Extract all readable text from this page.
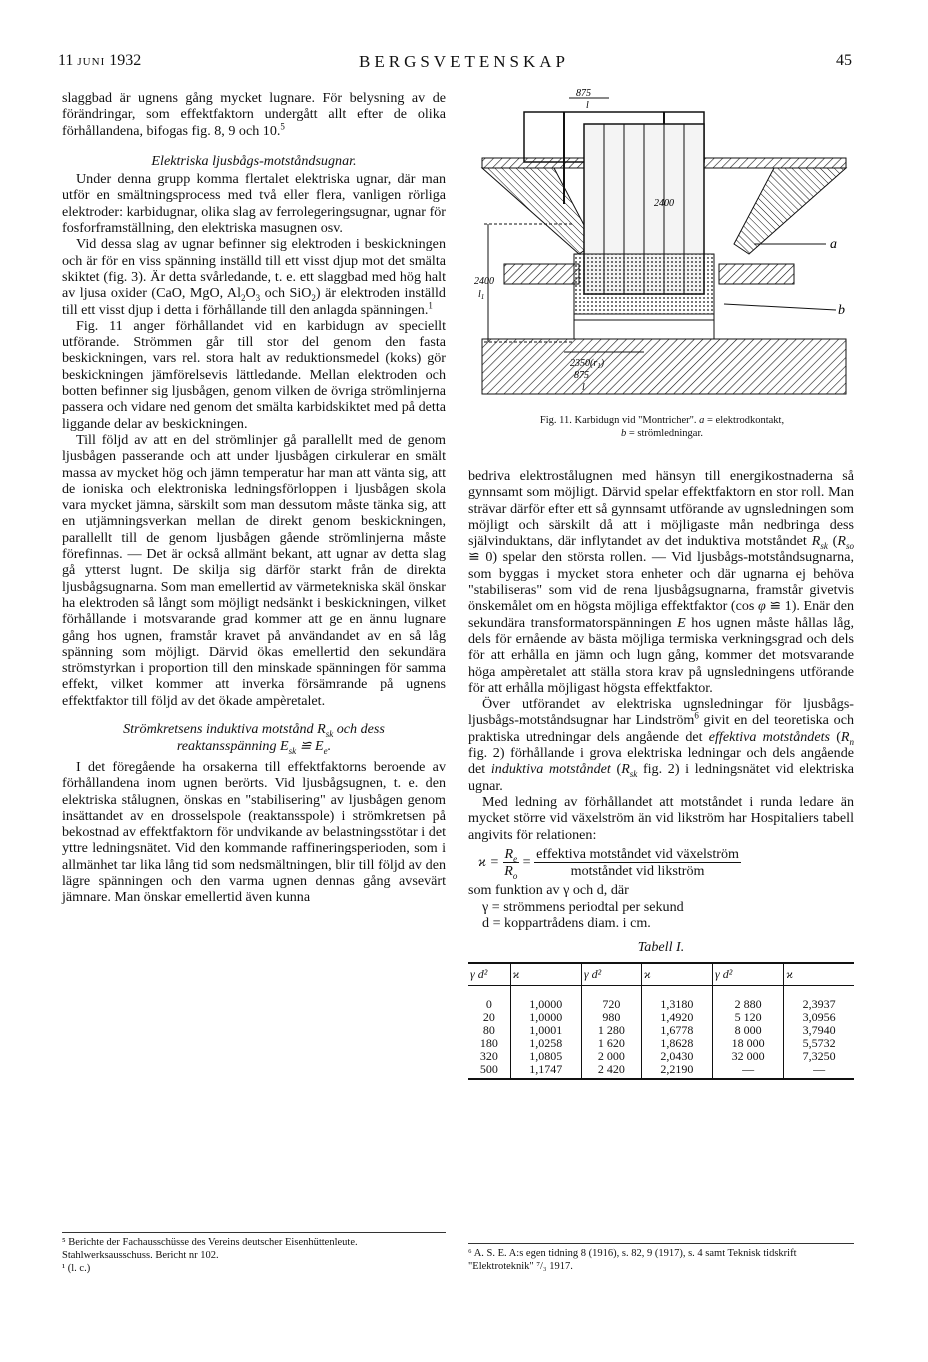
11 JUNI 1932	BERGSVETENSKAP	45

slaggbad är ugnens gång mycket lugnare. För belysning av de förändringar, som effektfaktorn undergått allt efter de olika förhållandena, bifogas fig. 8, 9 och 10.$^5$

Elektriska ljusbågs-motståndsugnar.

Under denna grupp komma flertalet elektriska ugnar, där man utför en smältningsprocess med två eller flera, vanligen rörliga elektroder: karbidugnar, olika slag av ferrolegeringsugnar, ugnar för fosforframställning, den elektriska masugnen osv.

Vid dessa slag av ugnar befinner sig elektroden i beskickningen och är för en viss spänning inställd till ett visst djup mot det smälta skiktet (fig. 3). Är detta svårledande, t. e. ett slaggbad med hög halt av ljusa oxider (CaO, MgO, $Al_2O_3$ och SiO$_2$) är elektroden inställd till ett visst djup i detta i förhållande till den anlagda spänningen.$^1$

Fig. 11 anger förhållandet vid en karbidugn av speciellt utförande. Strömmen går till stor del genom den fasta beskickningen, vars rel. stora halt av reduktionsmedel (koks) gör beskickningen jämförelsevis lättledande. Mellan elektroden och botten befinner sig ljusbågen, genom vilken de övriga strömlinjerna passera och vidare ned genom det smälta karbidskiktet med på detta liggande delar av beskickningen.

Till följd av att en del strömlinjer gå parallellt med de genom ljusbågen passerande och att under ljusbågen cirkulerar en smält massa av mycket hög och jämn temperatur har man att vänta sig, att de ioniska och elektroniska ledningsförloppen i ljusbågen skola vara mycket jämna, särskilt som man dessutom måste tänka sig, att en utjämningsverkan mellan de direkt genom beskickningen, parallellt till de genom ljusbågen gående strömlinjerna måste förefinnas. — Det är också allmänt bekant, att ugnar av detta slag gå ytterst lugnt. De skilja sig därför starkt från de direkta ljusbågsugnarna. Som man emellertid av värmetekniska skäl önskar ha elektroden så långt som möjligt nedsänkt i beskickningen, vilket förhållande i motsvarande grad kommer att ge en ännu lugnare gång hos ugnen, framstår kravet på användandet av en så låg spänning som möjligt. Därvid ökas emellertid den sekundära strömstyrkan i proportion till den minskade spänningen för samma effekt, vilket kommer att inverka försämrande på ugnens effektfaktor till följd av det ökade ampèretalet.

Strömkretsens induktiva motstånd $R_{sk}$ och dess
reaktansspänning $E_{sk}$ ≌ $E_e$.

I det föregående ha orsakerna till effektfaktorns beroende av förhållandena inom ugnen berörts. Vid ljusbågsugnen, t. e. den elektriska stålugnen, önskas en "stabilisering" av ljusbågen genom insättandet av en drosselspole (reaktansspole) i strömkretsen på bekostnad av effektfaktorn för undvikande av belastningsstötar i det yttre ledningsnätet. Vid den kommande raffineringsperioden, som i allmänhet tar lika lång tid som nedsmältningen, blir till följd av den lägre spänningen och den varma ugnen dennas gång avsevärt jämnare. Man önskar emellertid även kunna

⁵ Berichte der Fachausschüsse des Vereins deutscher Eisenhüttenleute. Stahlwerksausschuss. Bericht nr 102.

¹ (l. c.)

875
l
2400
2400
$l_1$
a
b
$2350(r_1)$
875
l
Fig. 11. Karbidugn vid "Montricher". a = elektrodkontakt,
b = strömledningar.

bedriva elektrostålugnen med hänsyn till energikostnaderna så gynnsamt som möjligt. Därvid spelar effektfaktorn en stor roll. Man strävar därför efter ett så gynnsamt utförande av ugnsledningen som möjligt och särskilt då att i möjligaste mån nedbringa dess självinduktans, där inflytandet av det induktiva motståndet $R_{sk}$ ($R_{so}$ ≌ 0) spelar den största rollen. — Vid ljusbågs-motståndsugnarna, som byggas i mycket stora enheter och där ugnarna ej behöva "stabiliseras" som vid de rena ljusbågsugnarna, framstår givetvis önskemålet om en högsta möjliga effektfaktor (cos φ ≌ 1). Enär den sekundära transformatorspänningen E hos ugnen måste hållas låg, dels för ernående av bästa möjliga termiska verkningsgrad och dels för att erhålla en jämn och lugn gång, kommer det motsvarande höga ampèretalet att ställa stora krav på ugnsledningens utförande för att erhålla möjligast högsta effektfaktor.

Över utförandet av elektriska ugnsledningar för ljusbågs- ljusbågs-motståndsugnar har Lindström$^6$ givit en del teoretiska och praktiska utredningar dels angående det effektiva motståndets ($R_n$ fig. 2) förhållande i grova elektriska ledningar och dels angående det induktiva motståndet ($R_{sk}$ fig. 2) i ledningsnätet vid elektriska ugnar.

Med ledning av förhållandet att motståndet i runda ledare än mycket större vid växelström än vid likström har Hospitaliers tabell angivits för relationen:

$ϰ = \frac{R_e}{R_o} = \frac{\text{effektiva motståndet vid växelström}}{\text{motståndet vid likström}}$

som funktion av γ och d, där

γ = strömmens periodtal per sekund

d = koppartrådens diam. i cm.

Tabell I.
γ d²	ϰ	γ d²	ϰ	γ d²	ϰ
0	1,0000	720	1,3180	2 880	2,3937
20	1,0000	980	1,4920	5 120	3,0956
80	1,0001	1 280	1,6778	8 000	3,7940
180	1,0258	1 620	1,8628	18 000	5,5732
320	1,0805	2 000	2,0430	32 000	7,3250
500	1,1747	2 420	2,2190	—	—

⁶ A. S. E. A:s egen tidning 8 (1916), s. 82, 9 (1917), s. 4 samt Teknisk tidskrift "Elektroteknik" ⁷/₃ 1917.
